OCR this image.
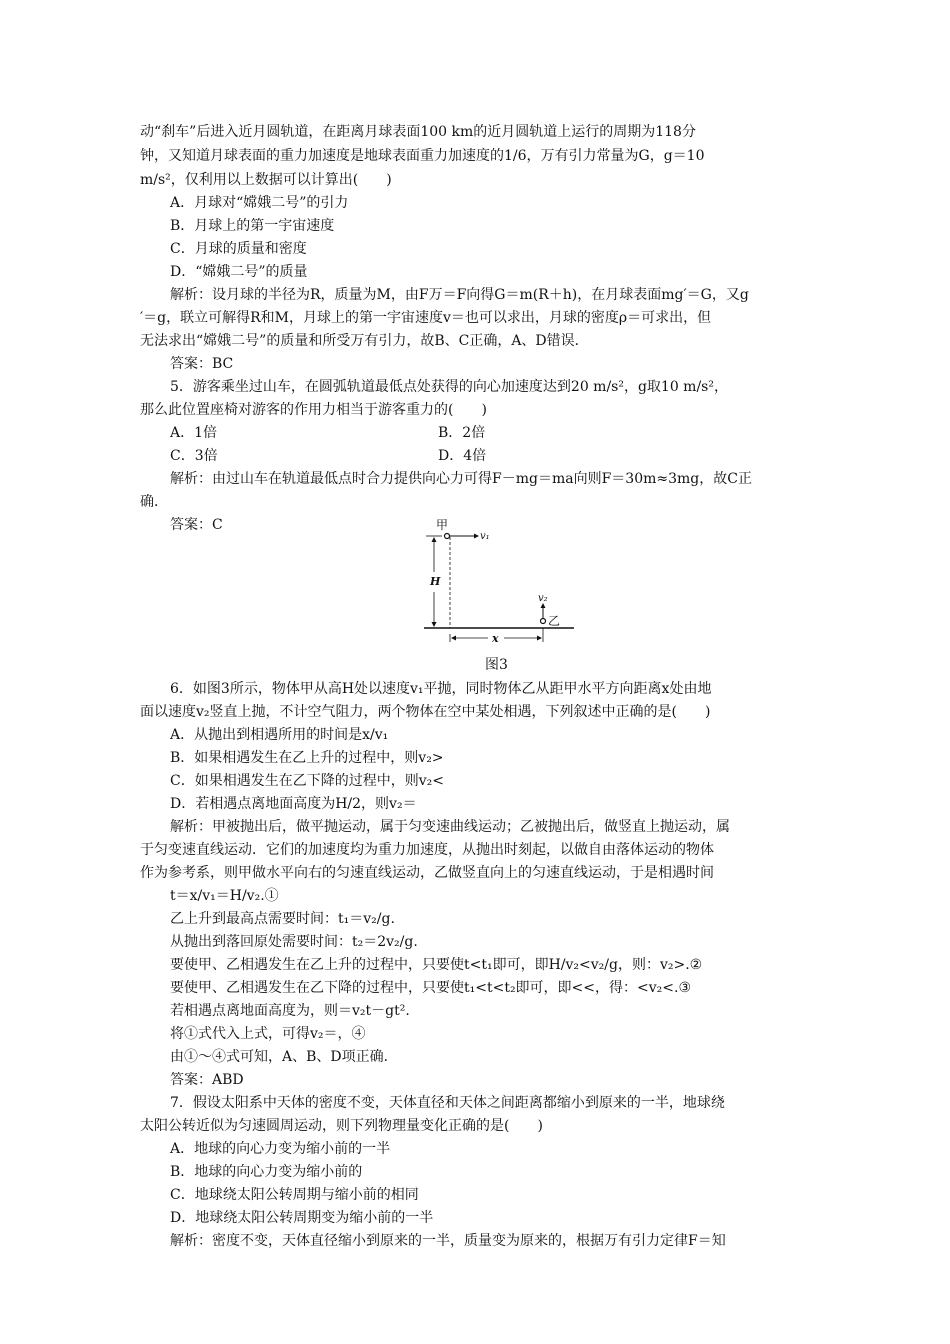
动“刹车”后进入近月圆轨道，在距离月球表面100 km的近月圆轨道上运行的周期为118分
钟，又知道月球表面的重力加速度是地球表面重力加速度的1/6，万有引力常量为G，g＝10
m/s²，仅利用以上数据可以计算出(　　)
A．月球对“嫦娥二号”的引力
B．月球上的第一宇宙速度
C．月球的质量和密度
D．“嫦娥二号”的质量
解析：设月球的半径为R，质量为M，由F万＝F向得G＝m(R＋h)，在月球表面mg′＝G，又g
′＝g，联立可解得R和M，月球上的第一宇宙速度v＝也可以求出，月球的密度ρ＝可求出，但
无法求出“嫦娥二号”的质量和所受万有引力，故B、C正确，A、D错误．
答案：BC
5．游客乘坐过山车，在圆弧轨道最低点处获得的向心加速度达到20 m/s²，g取10 m/s²，
那么此位置座椅对游客的作用力相当于游客重力的(　　)
A．1倍	B．2倍
C．3倍	D．4倍
解析：由过山车在轨道最低点时合力提供向心力可得F－mg＝ma向则F＝30m≈3mg，故C正
确．
答案：C	甲
v₁
H
v₂
乙
x
图3
6．如图3所示，物体甲从高H处以速度v₁平抛，同时物体乙从距甲水平方向距离x处由地
面以速度v₂竖直上抛，不计空气阻力，两个物体在空中某处相遇，下列叙述中正确的是(　　)
A．从抛出到相遇所用的时间是x/v₁
B．如果相遇发生在乙上升的过程中，则v₂>
C．如果相遇发生在乙下降的过程中，则v₂<
D．若相遇点离地面高度为H/2，则v₂＝
解析：甲被抛出后，做平抛运动，属于匀变速曲线运动；乙被抛出后，做竖直上抛运动，属
于匀变速直线运动．它们的加速度均为重力加速度，从抛出时刻起，以做自由落体运动的物体
作为参考系，则甲做水平向右的匀速直线运动，乙做竖直向上的匀速直线运动，于是相遇时间
t＝x/v₁＝H/v₂.①
乙上升到最高点需要时间：t₁＝v₂/g.
从抛出到落回原处需要时间：t₂＝2v₂/g.
要使甲、乙相遇发生在乙上升的过程中，只要使t<t₁即可，即H/v₂<v₂/g，则：v₂>.②
要使甲、乙相遇发生在乙下降的过程中，只要使t₁<t<t₂即可，即<<，得：<v₂<.③
若相遇点离地面高度为，则＝v₂t－gt².
将①式代入上式，可得v₂＝，④
由①～④式可知，A、B、D项正确．
答案：ABD
7．假设太阳系中天体的密度不变，天体直径和天体之间距离都缩小到原来的一半，地球绕
太阳公转近似为匀速圆周运动，则下列物理量变化正确的是(　　)
A．地球的向心力变为缩小前的一半
B．地球的向心力变为缩小前的
C．地球绕太阳公转周期与缩小前的相同
D．地球绕太阳公转周期变为缩小前的一半
解析：密度不变，天体直径缩小到原来的一半，质量变为原来的，根据万有引力定律F＝知
